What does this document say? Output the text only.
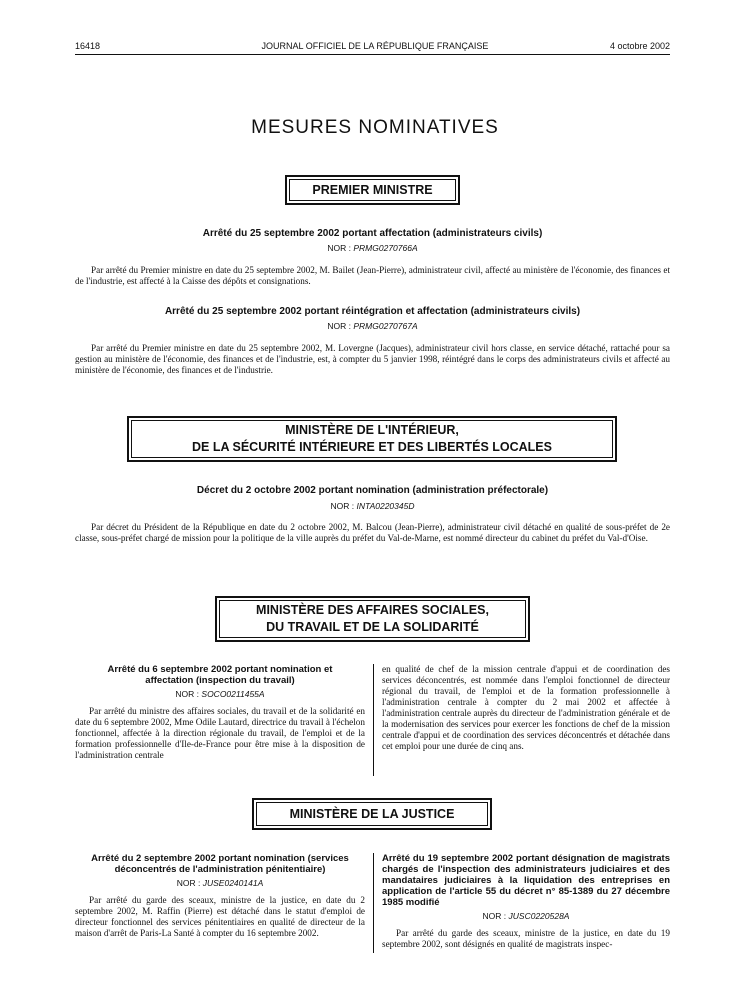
16418	JOURNAL OFFICIEL DE LA RÉPUBLIQUE FRANÇAISE	4 octobre 2002
MESURES NOMINATIVES
PREMIER MINISTRE
Arrêté du 25 septembre 2002 portant affectation (administrateurs civils)
NOR : PRMG0270766A
Par arrêté du Premier ministre en date du 25 septembre 2002, M. Bailet (Jean-Pierre), administrateur civil, affecté au ministère de l'économie, des finances et de l'industrie, est affecté à la Caisse des dépôts et consignations.
Arrêté du 25 septembre 2002 portant réintégration et affectation (administrateurs civils)
NOR : PRMG0270767A
Par arrêté du Premier ministre en date du 25 septembre 2002, M. Lovergne (Jacques), administrateur civil hors classe, en service détaché, rattaché pour sa gestion au ministère de l'économie, des finances et de l'industrie, est, à compter du 5 janvier 1998, réintégré dans le corps des administrateurs civils et affecté au ministère de l'économie, des finances et de l'industrie.
MINISTÈRE DE L'INTÉRIEUR,
DE LA SÉCURITÉ INTÉRIEURE ET DES LIBERTÉS LOCALES
Décret du 2 octobre 2002 portant nomination (administration préfectorale)
NOR : INTA0220345D
Par décret du Président de la République en date du 2 octobre 2002, M. Balcou (Jean-Pierre), administrateur civil détaché en qualité de sous-préfet de 2e classe, sous-préfet chargé de mission pour la politique de la ville auprès du préfet du Val-de-Marne, est nommé directeur du cabinet du préfet du Val-d'Oise.
MINISTÈRE DES AFFAIRES SOCIALES,
DU TRAVAIL ET DE LA SOLIDARITÉ
Arrêté du 6 septembre 2002 portant nomination et affectation (inspection du travail)
NOR : SOCO0211455A

Par arrêté du ministre des affaires sociales, du travail et de la solidarité en date du 6 septembre 2002, Mme Odile Lautard, directrice du travail à l'échelon fonctionnel, affectée à la direction régionale du travail, de l'emploi et de la formation professionnelle d'Ile-de-France pour être mise à la disposition de l'administration centrale

en qualité de chef de la mission centrale d'appui et de coordination des services déconcentrés, est nommée dans l'emploi fonctionnel de directeur régional du travail, de l'emploi et de la formation professionnelle à l'administration centrale à compter du 2 mai 2002 et affectée à l'administration centrale auprès du directeur de l'administration générale et de la modernisation des services pour exercer les fonctions de chef de la mission centrale d'appui et de coordination des services déconcentrés et détachée dans cet emploi pour une durée de cinq ans.

MINISTÈRE DE LA JUSTICE
Arrêté du 2 septembre 2002 portant nomination (services déconcentrés de l'administration pénitentiaire)
NOR : JUSE0240141A

Par arrêté du garde des sceaux, ministre de la justice, en date du 2 septembre 2002, M. Raffin (Pierre) est détaché dans le statut d'emploi de directeur fonctionnel des services pénitentiaires en qualité de directeur de la maison d'arrêt de Paris-La Santé à compter du 16 septembre 2002.

Arrêté du 19 septembre 2002 portant désignation de magistrats chargés de l'inspection des administrateurs judiciaires et des mandataires judiciaires à la liquidation des entreprises en application de l'article 55 du décret n° 85-1389 du 27 décembre 1985 modifié
NOR : JUSC0220528A

Par arrêté du garde des sceaux, ministre de la justice, en date du 19 septembre 2002, sont désignés en qualité de magistrats inspec-
